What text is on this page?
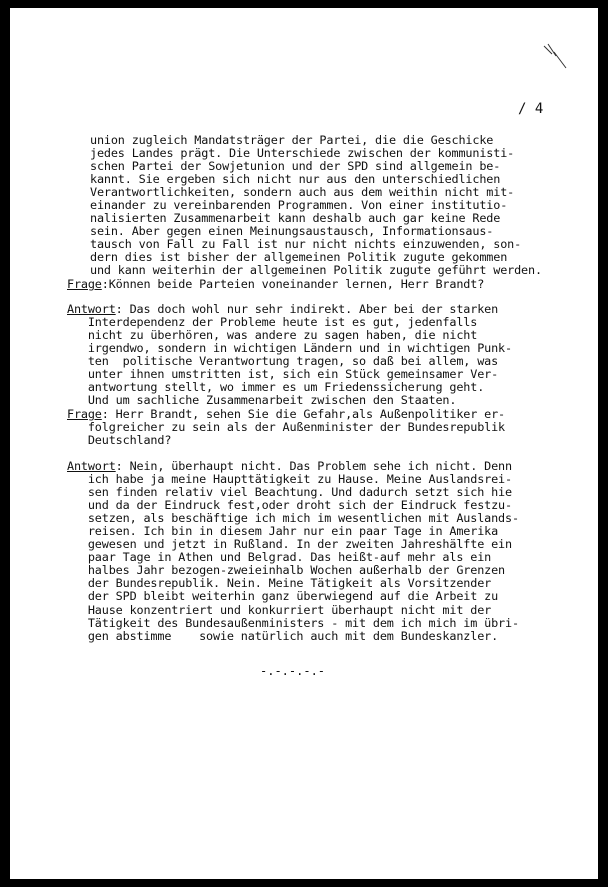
/ 4
union zugleich Mandatsträger der Partei, die die Geschicke
jedes Landes prägt. Die Unterschiede zwischen der kommunisti-
schen Partei der Sowjetunion und der SPD sind allgemein be-
kannt. Sie ergeben sich nicht nur aus den unterschiedlichen
Verantwortlichkeiten, sondern auch aus dem weithin nicht mit-
einander zu vereinbarenden Programmen. Von einer institutio-
nalisierten Zusammenarbeit kann deshalb auch gar keine Rede
sein. Aber gegen einen Meinungsaustausch, Informationsaus-
tausch von Fall zu Fall ist nur nicht nichts einzuwenden, son-
dern dies ist bisher der allgemeinen Politik zugute gekommen
und kann weiterhin der allgemeinen Politik zugute geführt werden.
Frage:Können beide Parteien voneinander lernen, Herr Brandt?
Antwort: Das doch wohl nur sehr indirekt. Aber bei der starken
Interdependenz der Probleme heute ist es gut, jedenfalls
nicht zu überhören, was andere zu sagen haben, die nicht
irgendwo, sondern in wichtigen Ländern und in wichtigen Punk-
ten  politische Verantwortung tragen, so daß bei allem, was
unter ihnen umstritten ist, sich ein Stück gemeinsamer Ver-
antwortung stellt, wo immer es um Friedenssicherung geht.
Und um sachliche Zusammenarbeit zwischen den Staaten.
Frage: Herr Brandt, sehen Sie die Gefahr,als Außenpolitiker er-
folgreicher zu sein als der Außenminister der Bundesrepublik
Deutschland?
Antwort: Nein, überhaupt nicht. Das Problem sehe ich nicht. Denn
ich habe ja meine Haupttätigkeit zu Hause. Meine Auslandsrei-
sen finden relativ viel Beachtung. Und dadurch setzt sich hie
und da der Eindruck fest,oder droht sich der Eindruck festzu-
setzen, als beschäftige ich mich im wesentlichen mit Auslands-
reisen. Ich bin in diesem Jahr nur ein paar Tage in Amerika
gewesen und jetzt in Rußland. In der zweiten Jahreshälfte ein
paar Tage in Athen und Belgrad. Das heißt-auf mehr als ein
halbes Jahr bezogen-zweieinhalb Wochen außerhalb der Grenzen
der Bundesrepublik. Nein. Meine Tätigkeit als Vorsitzender
der SPD bleibt weiterhin ganz überwiegend auf die Arbeit zu
Hause konzentriert und konkurriert überhaupt nicht mit der
Tätigkeit des Bundesaußenministers - mit dem ich mich im übri-
gen abstimme    sowie natürlich auch mit dem Bundeskanzler.
-.-.-.-.-
